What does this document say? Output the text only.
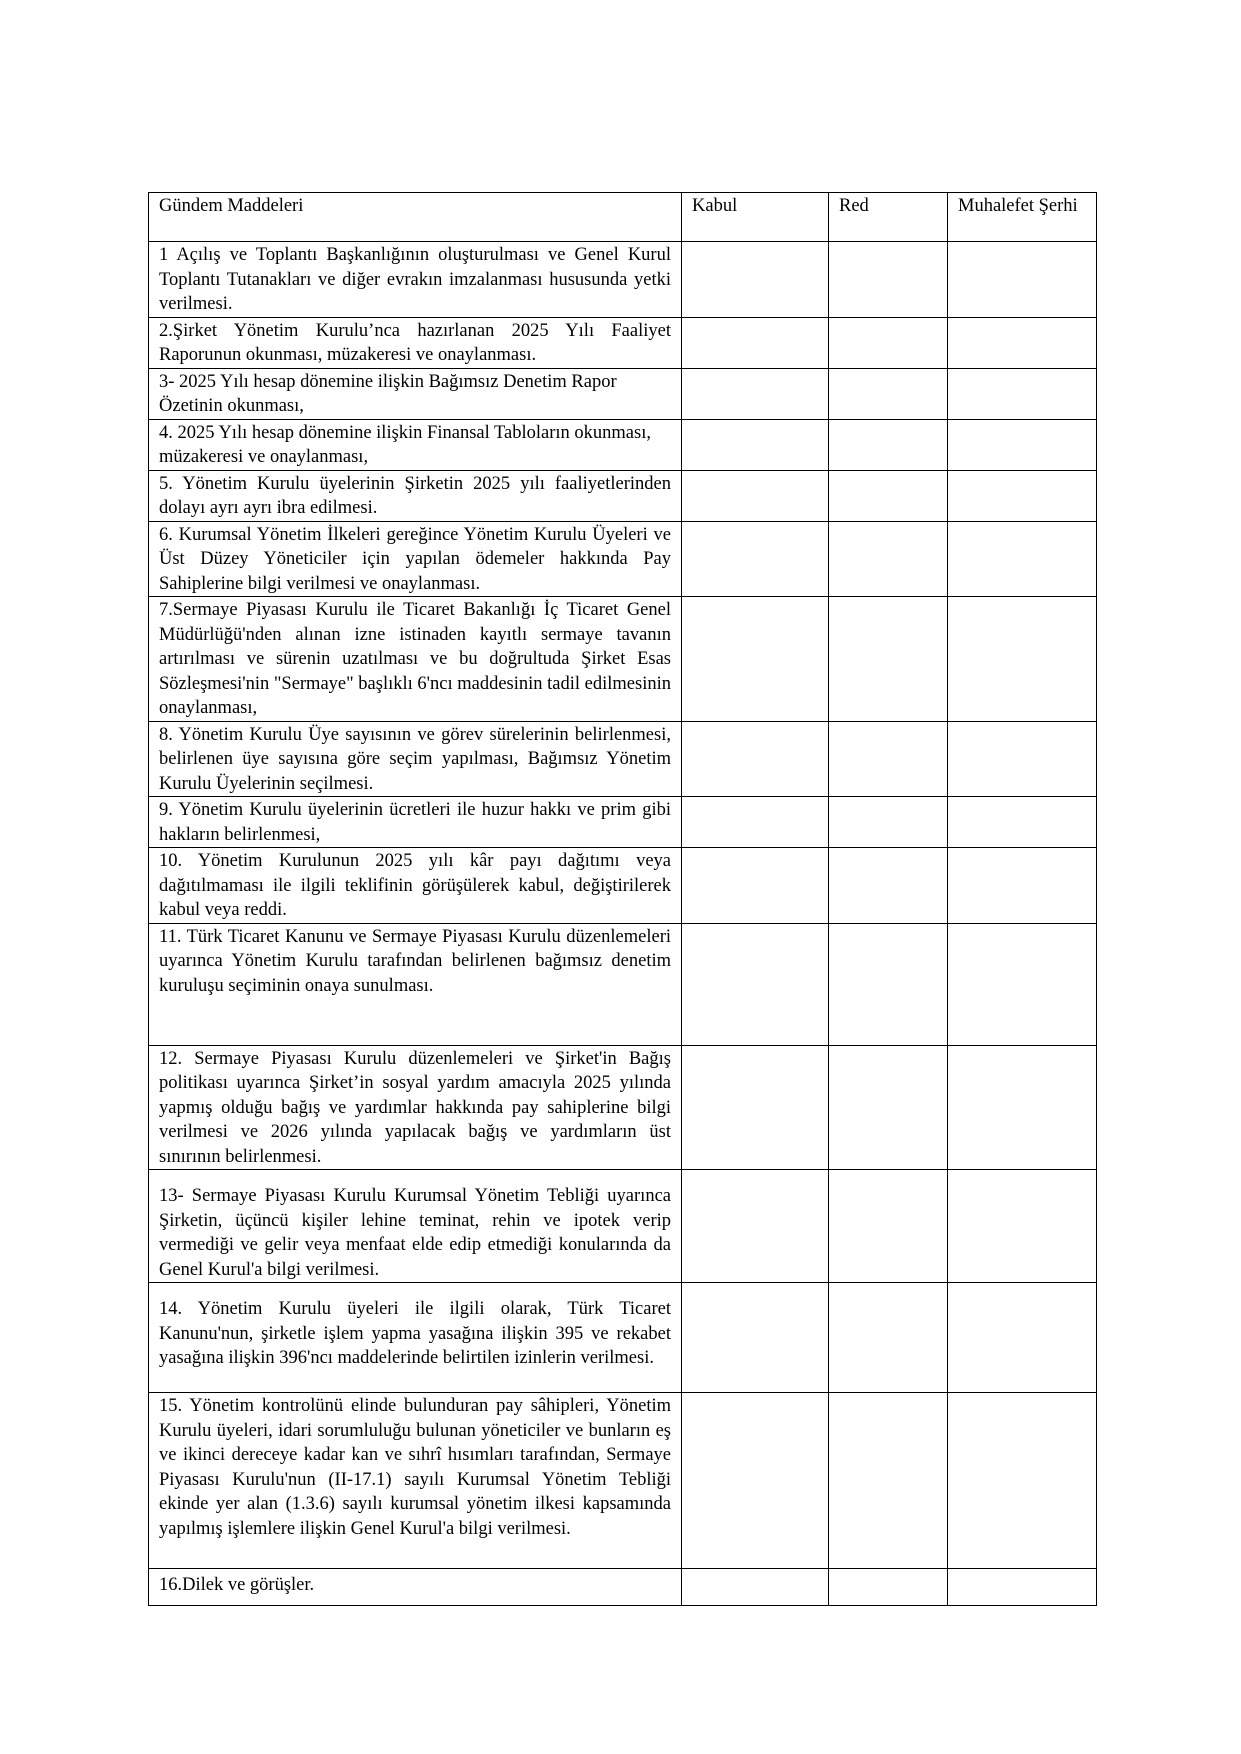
Gündem Maddeleri	Kabul	Red	Muhalefet Şerhi
1 Açılış ve Toplantı Başkanlığının oluşturulması ve Genel Kurul Toplantı Tutanakları ve diğer evrakın imzalanması hususunda yetki verilmesi.			
2.Şirket Yönetim Kurulu’nca hazırlanan 2025 Yılı Faaliyet Raporunun okunması, müzakeresi ve onaylanması.			
3- 2025 Yılı hesap dönemine ilişkin Bağımsız Denetim Rapor Özetinin okunması,			
4. 2025 Yılı hesap dönemine ilişkin Finansal Tabloların okunması, müzakeresi ve onaylanması,			
5. Yönetim Kurulu üyelerinin Şirketin 2025 yılı faaliyetlerinden dolayı ayrı ayrı ibra edilmesi.			
6. Kurumsal Yönetim İlkeleri gereğince Yönetim Kurulu Üyeleri ve Üst Düzey Yöneticiler için yapılan ödemeler hakkında Pay Sahiplerine bilgi verilmesi ve onaylanması.			
7.Sermaye Piyasası Kurulu ile Ticaret Bakanlığı İç Ticaret Genel Müdürlüğü'nden alınan izne istinaden kayıtlı sermaye tavanın artırılması ve sürenin uzatılması ve bu doğrultuda Şirket Esas Sözleşmesi'nin "Sermaye" başlıklı 6'ncı maddesinin tadil edilmesinin onaylanması,			
8. Yönetim Kurulu Üye sayısının ve görev sürelerinin belirlenmesi, belirlenen üye sayısına göre seçim yapılması, Bağımsız Yönetim Kurulu Üyelerinin seçilmesi.			
9. Yönetim Kurulu üyelerinin ücretleri ile huzur hakkı ve prim gibi hakların belirlenmesi,			
10. Yönetim Kurulunun 2025 yılı kâr payı dağıtımı veya dağıtılmaması ile ilgili teklifinin görüşülerek kabul, değiştirilerek kabul veya reddi.			
11. Türk Ticaret Kanunu ve Sermaye Piyasası Kurulu düzenlemeleri uyarınca Yönetim Kurulu tarafından belirlenen bağımsız denetim kuruluşu seçiminin onaya sunulması.			
12. Sermaye Piyasası Kurulu düzenlemeleri ve Şirket'in Bağış politikası uyarınca Şirket’in sosyal yardım amacıyla 2025 yılında yapmış olduğu bağış ve yardımlar hakkında pay sahiplerine bilgi verilmesi ve 2026 yılında yapılacak bağış ve yardımların üst sınırının belirlenmesi.			
13- Sermaye Piyasası Kurulu Kurumsal Yönetim Tebliği uyarınca Şirketin, üçüncü kişiler lehine teminat, rehin ve ipotek verip vermediği ve gelir veya menfaat elde edip etmediği konularında da Genel Kurul'a bilgi verilmesi.			
14. Yönetim Kurulu üyeleri ile ilgili olarak, Türk Ticaret Kanunu'nun, şirketle işlem yapma yasağına ilişkin 395 ve rekabet yasağına ilişkin 396'ncı maddelerinde belirtilen izinlerin verilmesi.			
15. Yönetim kontrolünü elinde bulunduran pay sâhipleri, Yönetim Kurulu üyeleri, idari sorumluluğu bulunan yöneticiler ve bunların eş ve ikinci dereceye kadar kan ve sıhrî hısımları tarafından, Sermaye Piyasası Kurulu'nun (II-17.1) sayılı Kurumsal Yönetim Tebliği ekinde yer alan (1.3.6) sayılı kurumsal yönetim ilkesi kapsamında yapılmış işlemlere ilişkin Genel Kurul'a bilgi verilmesi.			
16.Dilek ve görüşler.			
